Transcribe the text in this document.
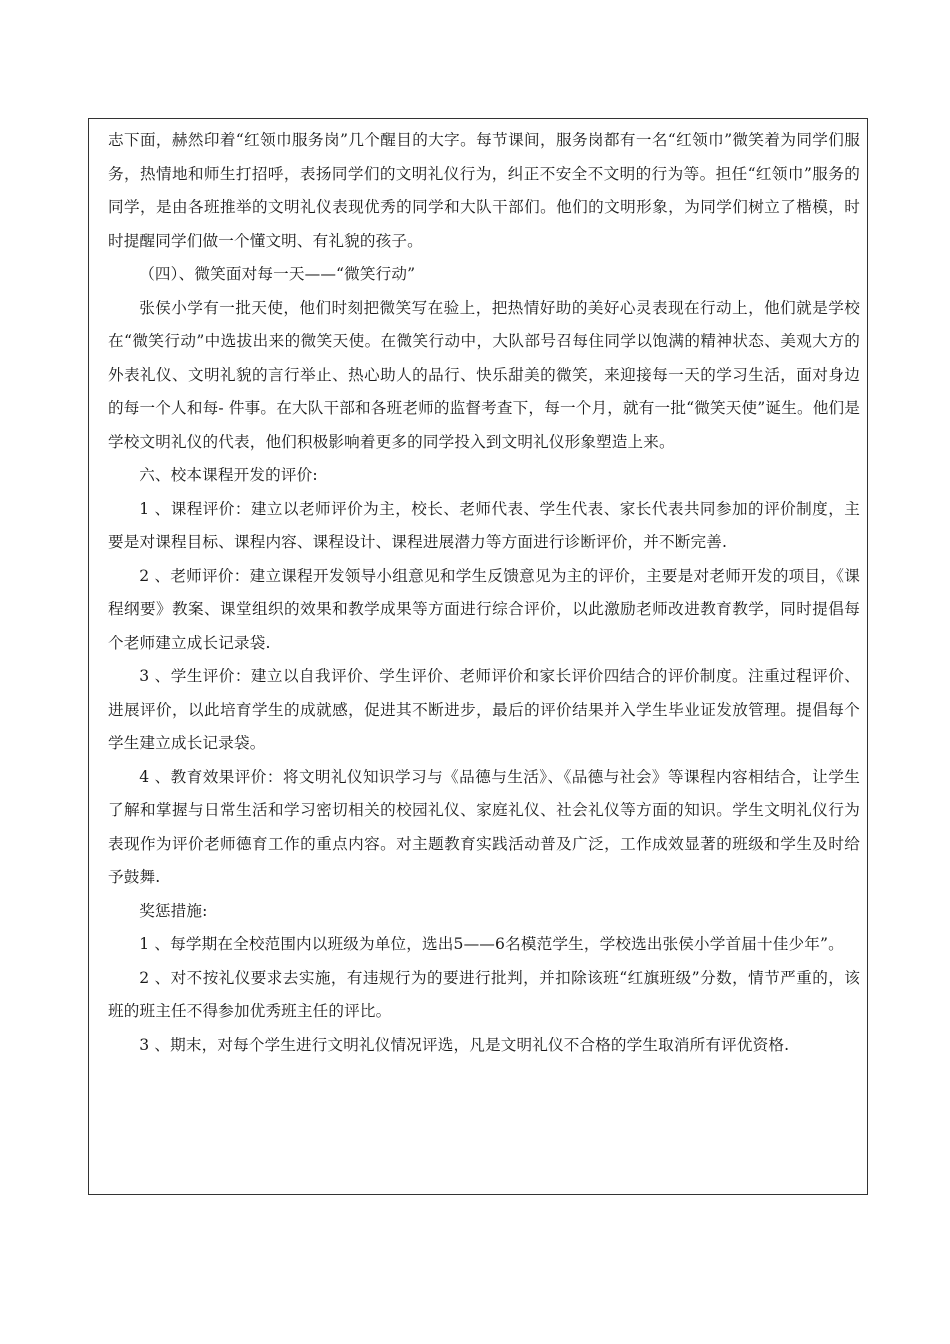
志下面，赫然印着“红领巾服务岗”几个醒目的大字。每节课间，服务岗都有一名“红领巾”微笑着为同学们服务，热情地和师生打招呼，表扬同学们的文明礼仪行为，纠正不安全不文明的行为等。担任“红领巾”服务的同学，是由各班推举的文明礼仪表现优秀的同学和大队干部们。他们的文明形象，为同学们树立了楷模，时时提醒同学们做一个懂文明、有礼貌的孩子。

（四）、微笑面对每一天——“微笑行动”

张侯小学有一批天使，他们时刻把微笑写在验上，把热情好助的美好心灵表现在行动上，他们就是学校在“微笑行动”中选拔出来的微笑天使。在微笑行动中，大队部号召每住同学以饱满的精神状态、美观大方的外表礼仪、文明礼貌的言行举止、热心助人的品行、快乐甜美的微笑，来迎接每一天的学习生活，面对身边的每一个人和每- 件事。在大队干部和各班老师的监督考查下，每一个月，就有一批“微笑天使”诞生。他们是学校文明礼仪的代表，他们积极影响着更多的同学投入到文明礼仪形象塑造上来。

六、校本课程开发的评价:

1 、课程评价：建立以老师评价为主，校长、老师代表、学生代表、家长代表共同参加的评价制度，主要是对课程目标、课程内容、课程设计、课程进展潜力等方面进行诊断评价，并不断完善.

2 、老师评价：建立课程开发领导小组意见和学生反馈意见为主的评价，主要是对老师开发的项目，《课程纲要》教案、课堂组织的效果和教学成果等方面进行综合评价，以此激励老师改进教育教学，同时提倡每个老师建立成长记录袋.

3 、学生评价：建立以自我评价、学生评价、老师评价和家长评价四结合的评价制度。注重过程评价、进展评价，以此培育学生的成就感，促进其不断进步，最后的评价结果并入学生毕业证发放管理。提倡每个学生建立成长记录袋。

4 、教育效果评价：将文明礼仪知识学习与《品德与生活》、《品德与社会》等课程内容相结合，让学生了解和掌握与日常生活和学习密切相关的校园礼仪、家庭礼仪、社会礼仪等方面的知识。学生文明礼仪行为表现作为评价老师德育工作的重点内容。对主题教育实践活动普及广泛，工作成效显著的班级和学生及时给予鼓舞.

奖惩措施:

1 、每学期在全校范围内以班级为单位，选出5——6名模范学生，学校选出张侯小学首届十佳少年”。

2 、对不按礼仪要求去实施，有违规行为的要进行批判，并扣除该班“红旗班级”分数，情节严重的，该班的班主任不得参加优秀班主任的评比。

3 、期末，对每个学生进行文明礼仪情况评选，凡是文明礼仪不合格的学生取消所有评优资格.
